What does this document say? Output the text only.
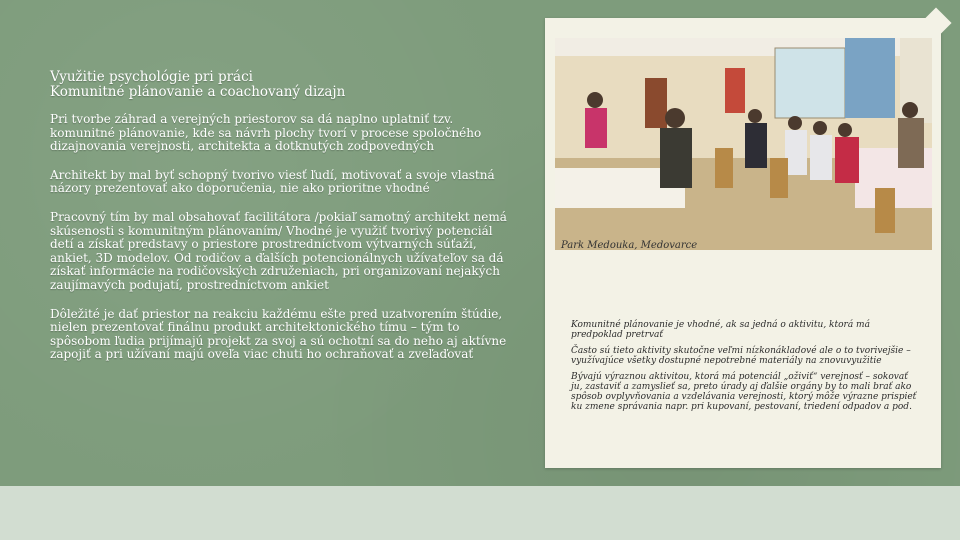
Využitie psychológie pri práci
Komunitné plánovanie a coachovaný dizajn

Pri tvorbe záhrad a verejných priestorov sa dá naplno uplatniť tzv. komunitné plánovanie, kde sa návrh plochy tvorí v procese spoločného dizajnovania verejnosti, architekta a dotknutých zodpovedných

Architekt by mal byť schopný tvorivo viesť ľudí, motivovať a svoje vlastná názory prezentovať ako doporučenia, nie ako prioritne vhodné

Pracovný tím by mal obsahovať facilitátora /pokiaľ samotný architekt nemá skúsenosti s komunitným plánovaním/ Vhodné je využiť tvorivý potenciál detí a získať predstavy o priestore prostredníctvom výtvarných súťaží, ankiet, 3D modelov. Od rodičov a ďalších potencionálnych užívateľov sa dá získať informácie na rodičovských združeniach, pri organizovaní nejakých zaujímavých podujatí, prostredníctvom ankiet

Dôležité je dať priestor na reakciu každému ešte pred uzatvorením štúdie, nielen prezentovať finálnu produkt architektonického tímu – tým to spôsobom ľudia prijímajú projekt za svoj a sú ochotní sa do neho aj aktívne zapojiť a pri užívaní majú oveľa viac chuti ho ochraňovať a zveľaďovať

Park Medouka, Medovarce

Komunitné plánovanie je vhodné, ak sa jedná o aktivitu, ktorá má predpoklad pretrvať

Často sú tieto aktivity skutočne veľmi nízkonákladové ale o to tvorivejšie – využívajúce všetky dostupné nepotrebné materiály na znovuvyužitie

Bývajú výraznou aktivitou, ktorá má potenciál „oživiť“ verejnosť – sokovať ju, zastaviť a zamyslieť sa, preto úrady aj ďalšie orgány by to mali brať ako spôsob ovplyvňovania a vzdelávania verejnosti, ktorý môže výrazne prispieť ku zmene správania napr. pri kupovaní, pestovaní, triedení odpadov a pod.
